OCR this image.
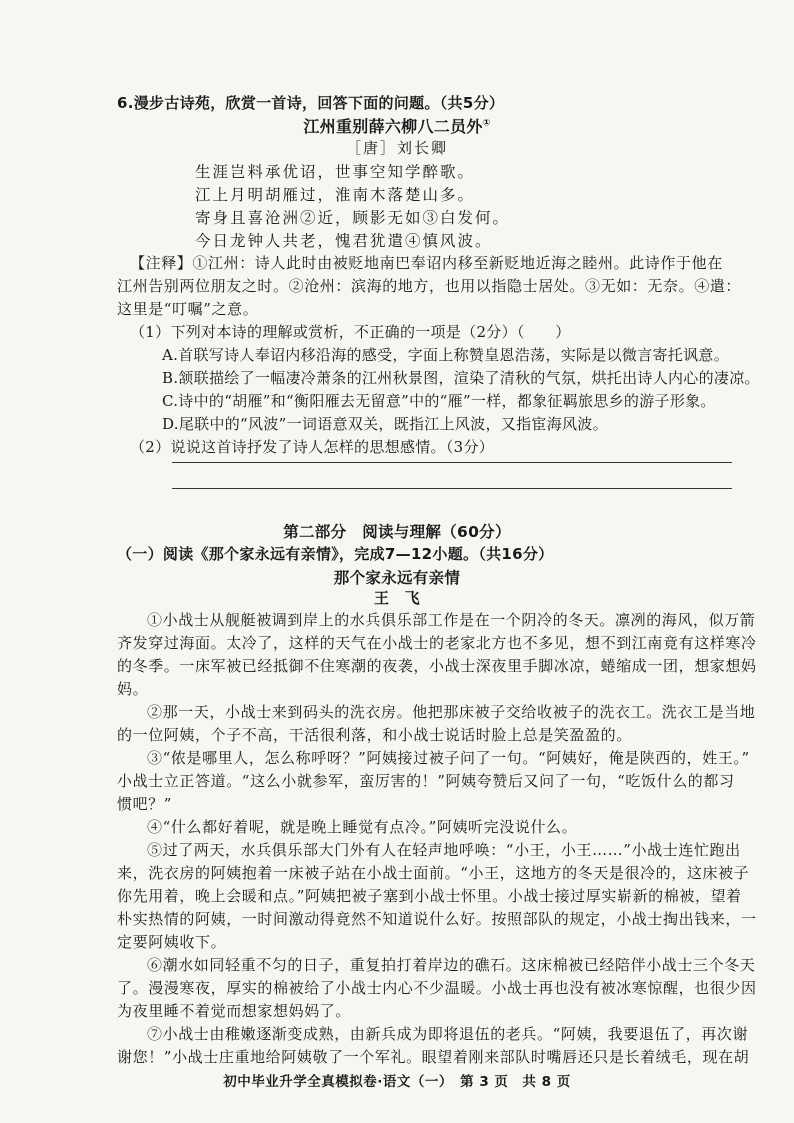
6.漫步古诗苑，欣赏一首诗，回答下面的问题。（共5分）
江州重别薛六柳八二员外①
［唐］刘长卿
生涯岂料承优诏，世事空知学醉歌。
江上月明胡雁过，淮南木落楚山多。
寄身且喜沧洲②近，顾影无如③白发何。
今日龙钟人共老，愧君犹遣④慎风波。
【注释】①江州：诗人此时由被贬地南巴奉诏内移至新贬地近海之睦州。此诗作于他在
江州告别两位朋友之时。②沧州：滨海的地方，也用以指隐士居处。③无如：无奈。④遣：
这里是“叮嘱”之意。
（1）下列对本诗的理解或赏析，不正确的一项是（2分）（　　）
A.首联写诗人奉诏内移沿海的感受，字面上称赞皇恩浩荡，实际是以微言寄托讽意。
B.颔联描绘了一幅凄冷萧条的江州秋景图，渲染了清秋的气氛，烘托出诗人内心的凄凉。
C.诗中的“胡雁”和“衡阳雁去无留意”中的“雁”一样，都象征羁旅思乡的游子形象。
D.尾联中的“风波”一词语意双关，既指江上风波，又指宦海风波。
（2）说说这首诗抒发了诗人怎样的思想感情。（3分）
第二部分　阅读与理解（60分）
（一）阅读《那个家永远有亲情》，完成7—12小题。（共16分）
那个家永远有亲情
王　飞
①小战士从舰艇被调到岸上的水兵俱乐部工作是在一个阴冷的冬天。凛冽的海风，似万箭
齐发穿过海面。太冷了，这样的天气在小战士的老家北方也不多见，想不到江南竟有这样寒冷
的冬季。一床军被已经抵御不住寒潮的夜袭，小战士深夜里手脚冰凉，蜷缩成一团，想家想妈
妈。
②那一天，小战士来到码头的洗衣房。他把那床被子交给收被子的洗衣工。洗衣工是当地
的一位阿姨，个子不高，干活很利落，和小战士说话时脸上总是笑盈盈的。
③“侬是哪里人，怎么称呼呀？”阿姨接过被子问了一句。“阿姨好，俺是陕西的，姓王。”
小战士立正答道。“这么小就参军，蛮厉害的！”阿姨夸赞后又问了一句，“吃饭什么的都习
惯吧？”
④“什么都好着呢，就是晚上睡觉有点冷。”阿姨听完没说什么。
⑤过了两天，水兵俱乐部大门外有人在轻声地呼唤：“小王，小王……”小战士连忙跑出
来，洗衣房的阿姨抱着一床被子站在小战士面前。“小王，这地方的冬天是很冷的，这床被子
你先用着，晚上会暖和点。”阿姨把被子塞到小战士怀里。小战士接过厚实崭新的棉被，望着
朴实热情的阿姨，一时间激动得竟然不知道说什么好。按照部队的规定，小战士掏出钱来，一
定要阿姨收下。
⑥潮水如同轻重不匀的日子，重复拍打着岸边的礁石。这床棉被已经陪伴小战士三个冬天
了。漫漫寒夜，厚实的棉被给了小战士内心不少温暖。小战士再也没有被冰寒惊醒，也很少因
为夜里睡不着觉而想家想妈妈了。
⑦小战士由稚嫩逐渐变成熟，由新兵成为即将退伍的老兵。“阿姨，我要退伍了，再次谢
谢您！”小战士庄重地给阿姨敬了一个军礼。眼望着刚来部队时嘴唇还只是长着绒毛，现在胡
初中毕业升学全真模拟卷·语文（一）　第 3 页　共 8 页
